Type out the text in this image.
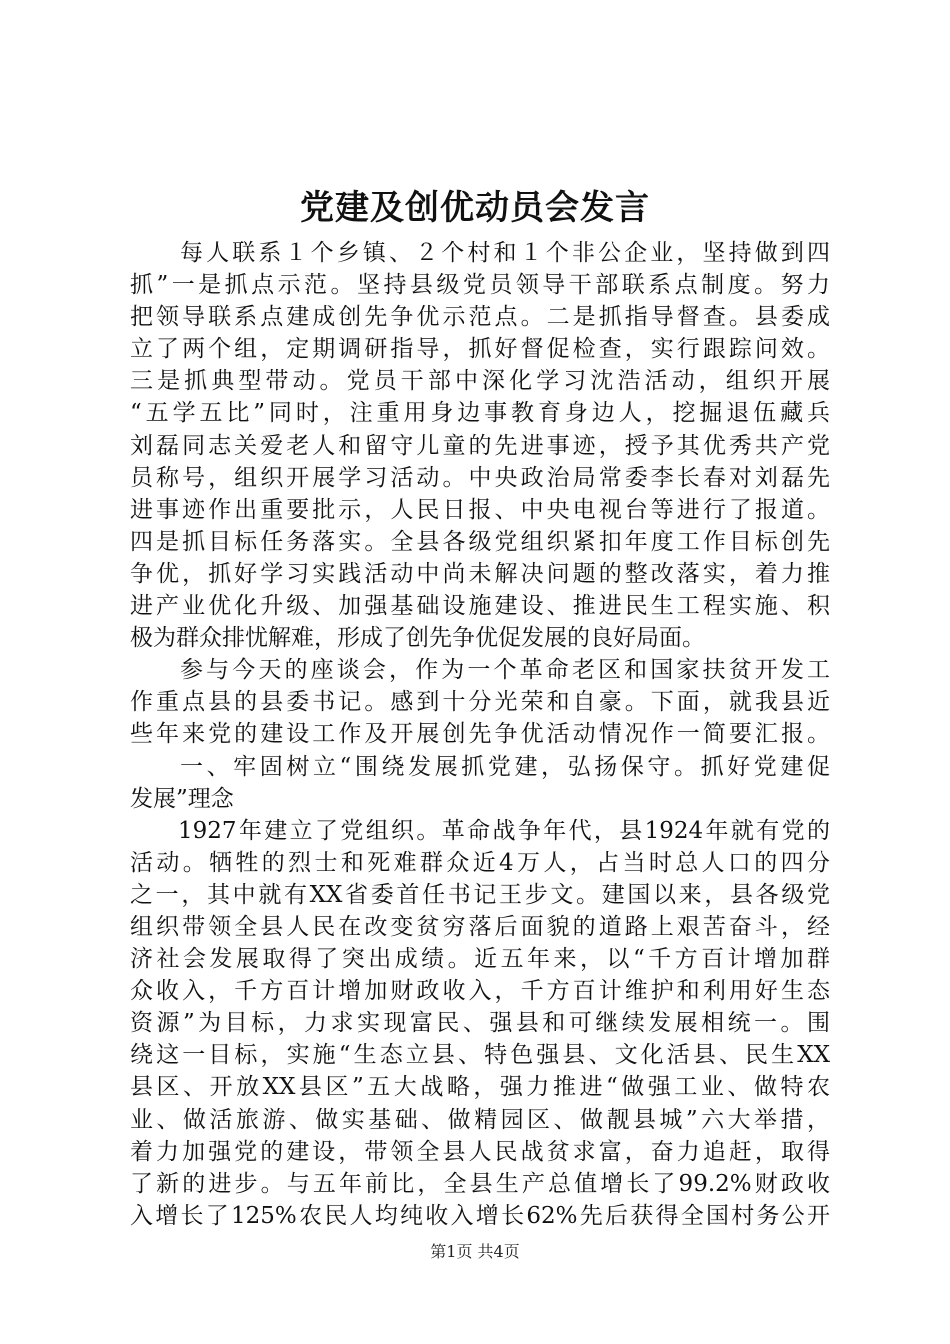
党建及创优动员会发言
每人联系１个乡镇、２个村和１个非公企业，坚持做到四
抓”一是抓点示范。坚持县级党员领导干部联系点制度。努力
把领导联系点建成创先争优示范点。二是抓指导督查。县委成
立了两个组，定期调研指导，抓好督促检查，实行跟踪问效。
三是抓典型带动。党员干部中深化学习沈浩活动，组织开展
“五学五比”同时，注重用身边事教育身边人，挖掘退伍藏兵
刘磊同志关爱老人和留守儿童的先进事迹，授予其优秀共产党
员称号，组织开展学习活动。中央政治局常委李长春对刘磊先
进事迹作出重要批示，人民日报、中央电视台等进行了报道。
四是抓目标任务落实。全县各级党组织紧扣年度工作目标创先
争优，抓好学习实践活动中尚未解决问题的整改落实，着力推
进产业优化升级、加强基础设施建设、推进民生工程实施、积
极为群众排忧解难，形成了创先争优促发展的良好局面。
参与今天的座谈会，作为一个革命老区和国家扶贫开发工
作重点县的县委书记。感到十分光荣和自豪。下面，就我县近
些年来党的建设工作及开展创先争优活动情况作一简要汇报。
一、牢固树立“围绕发展抓党建，弘扬保守。抓好党建促
发展”理念
1927年建立了党组织。革命战争年代，县1924年就有党的
活动。牺牲的烈士和死难群众近4万人，占当时总人口的四分
之一，其中就有XX省委首任书记王步文。建国以来，县各级党
组织带领全县人民在改变贫穷落后面貌的道路上艰苦奋斗，经
济社会发展取得了突出成绩。近五年来，以“千方百计增加群
众收入，千方百计增加财政收入，千方百计维护和利用好生态
资源”为目标，力求实现富民、强县和可继续发展相统一。围
绕这一目标，实施“生态立县、特色强县、文化活县、民生XX
县区、开放XX县区”五大战略，强力推进“做强工业、做特农
业、做活旅游、做实基础、做精园区、做靓县城”六大举措，
着力加强党的建设，带领全县人民战贫求富，奋力追赶，取得
了新的进步。与五年前比，全县生产总值增长了99.2%财政收
入增长了125%农民人均纯收入增长62%先后获得全国村务公开
第1页 共4页
